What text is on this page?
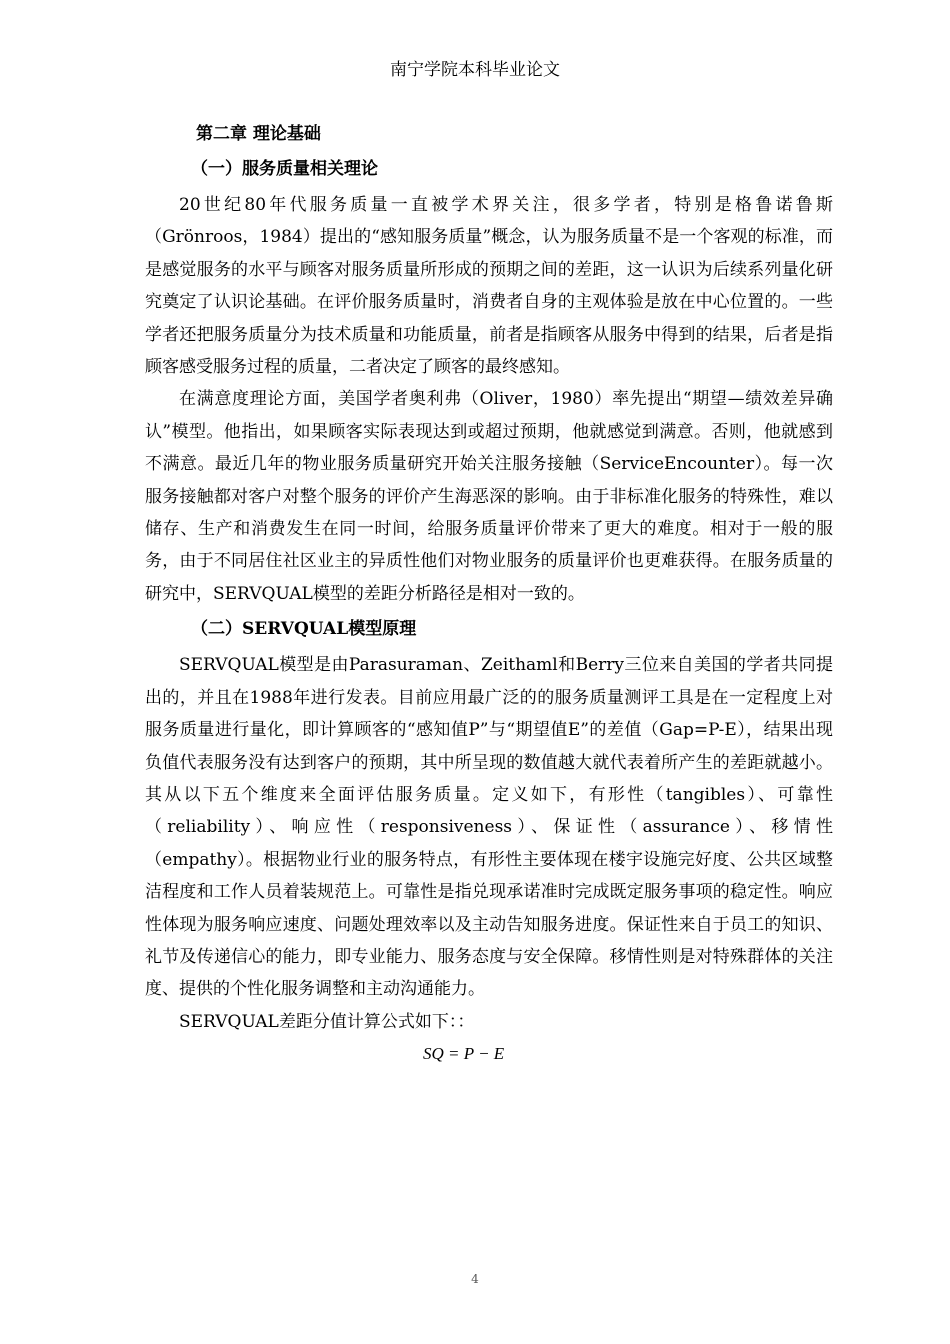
南宁学院本科毕业论文
第二章 理论基础
（一）服务质量相关理论

20世纪80年代服务质量一直被学术界关注，很多学者，特别是格鲁诺鲁斯（Grönroos，1984）提出的“感知服务质量”概念，认为服务质量不是一个客观的标准，而是感觉服务的水平与顾客对服务质量所形成的预期之间的差距，这一认识为后续系列量化研究奠定了认识论基础。在评价服务质量时，消费者自身的主观体验是放在中心位置的。一些学者还把服务质量分为技术质量和功能质量，前者是指顾客从服务中得到的结果，后者是指顾客感受服务过程的质量，二者决定了顾客的最终感知。

在满意度理论方面，美国学者奥利弗（Oliver，1980）率先提出“期望—绩效差异确认”模型。他指出，如果顾客实际表现达到或超过预期，他就感觉到满意。否则，他就感到不满意。最近几年的物业服务质量研究开始关注服务接触（ServiceEncounter）。每一次服务接触都对客户对整个服务的评价产生海恶深的影响。由于非标准化服务的特殊性，难以储存、生产和消费发生在同一时间，给服务质量评价带来了更大的难度。相对于一般的服务，由于不同居住社区业主的异质性他们对物业服务的质量评价也更难获得。在服务质量的研究中，SERVQUAL模型的差距分析路径是相对一致的。

（二）SERVQUAL模型原理

SERVQUAL模型是由Parasuraman、Zeithaml和Berry三位来自美国的学者共同提出的，并且在1988年进行发表。目前应用最广泛的的服务质量测评工具是在一定程度上对服务质量进行量化，即计算顾客的“感知值P”与“期望值E”的差值（Gap=P-E），结果出现负值代表服务没有达到客户的预期，其中所呈现的数值越大就代表着所产生的差距就越小。其从以下五个维度来全面评估服务质量。定义如下，有形性（tangibles）、可靠性（reliability）、响应性（responsiveness）、保证性（assurance）、移情性（empathy）。根据物业行业的服务特点，有形性主要体现在楼宇设施完好度、公共区域整洁程度和工作人员着装规范上。可靠性是指兑现承诺准时完成既定服务事项的稳定性。响应性体现为服务响应速度、问题处理效率以及主动告知服务进度。保证性来自于员工的知识、礼节及传递信心的能力，即专业能力、服务态度与安全保障。移情性则是对特殊群体的关注度、提供的个性化服务调整和主动沟通能力。

SERVQUAL差距分值计算公式如下：：

SQ = P − E
4
